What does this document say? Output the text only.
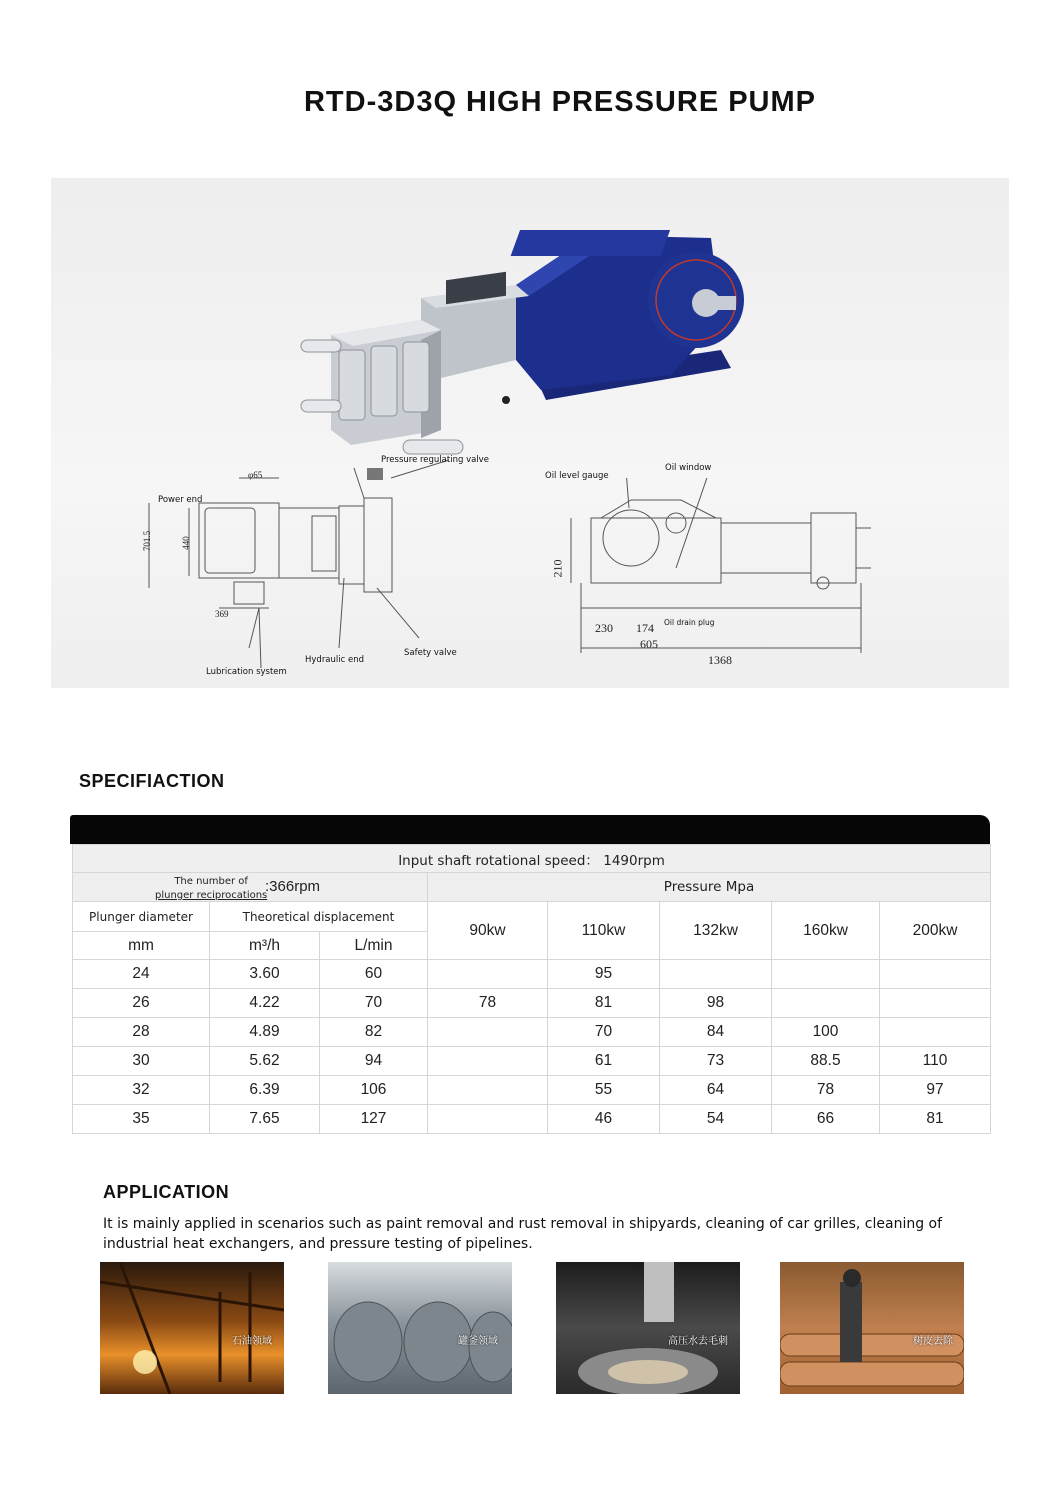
RTD-3D3Q HIGH PRESSURE PUMP
Pressure regulating valve
Power end
Oil level gauge
Oil window
Oil drain plug
Safety valve
Hydraulic end
Lubrication system
φ65
701.5	440
369
210
230 174
605
1368
SPECIFIACTION
Input shaft rotational speed： 1490rpm							

The number of
plunger reciprocations
:366rpm			Pressure Mpa				
Plunger diameter	Theoretical displacement		90kw	110kw	132kw	160kw	200kw
mm	m³/h	L/min					
24	3.60	60		95			
26	4.22	70	78	81	98		
28	4.89	82		70	84	100	
30	5.62	94		61	73	88.5	110
32	6.39	106		55	64	78	97
35	7.65	127		46	54	66	81
APPLICATION
It is mainly applied in scenarios such as paint removal and rust removal in shipyards, cleaning of car grilles, cleaning of industrial heat exchangers, and pressure testing of pipelines.
石油领域	罐釜领域	高压水去毛刺	树皮去除
